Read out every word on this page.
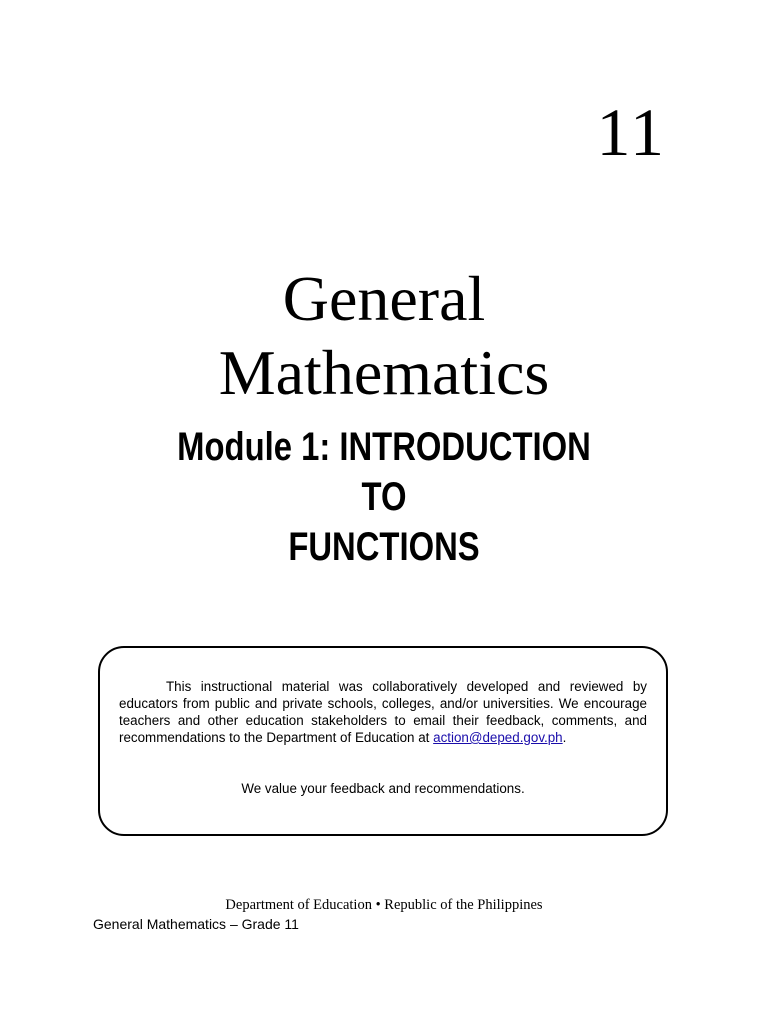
11
General
Mathematics
Module 1: INTRODUCTION TO
FUNCTIONS

This instructional material was collaboratively developed and reviewed by educators from public and private schools, colleges, and/or universities. We encourage teachers and other education stakeholders to email their feedback, comments, and recommendations to the Department of Education at action@deped.gov.ph.

We value your feedback and recommendations.

Department of Education • Republic of the Philippines
General Mathematics – Grade 11
